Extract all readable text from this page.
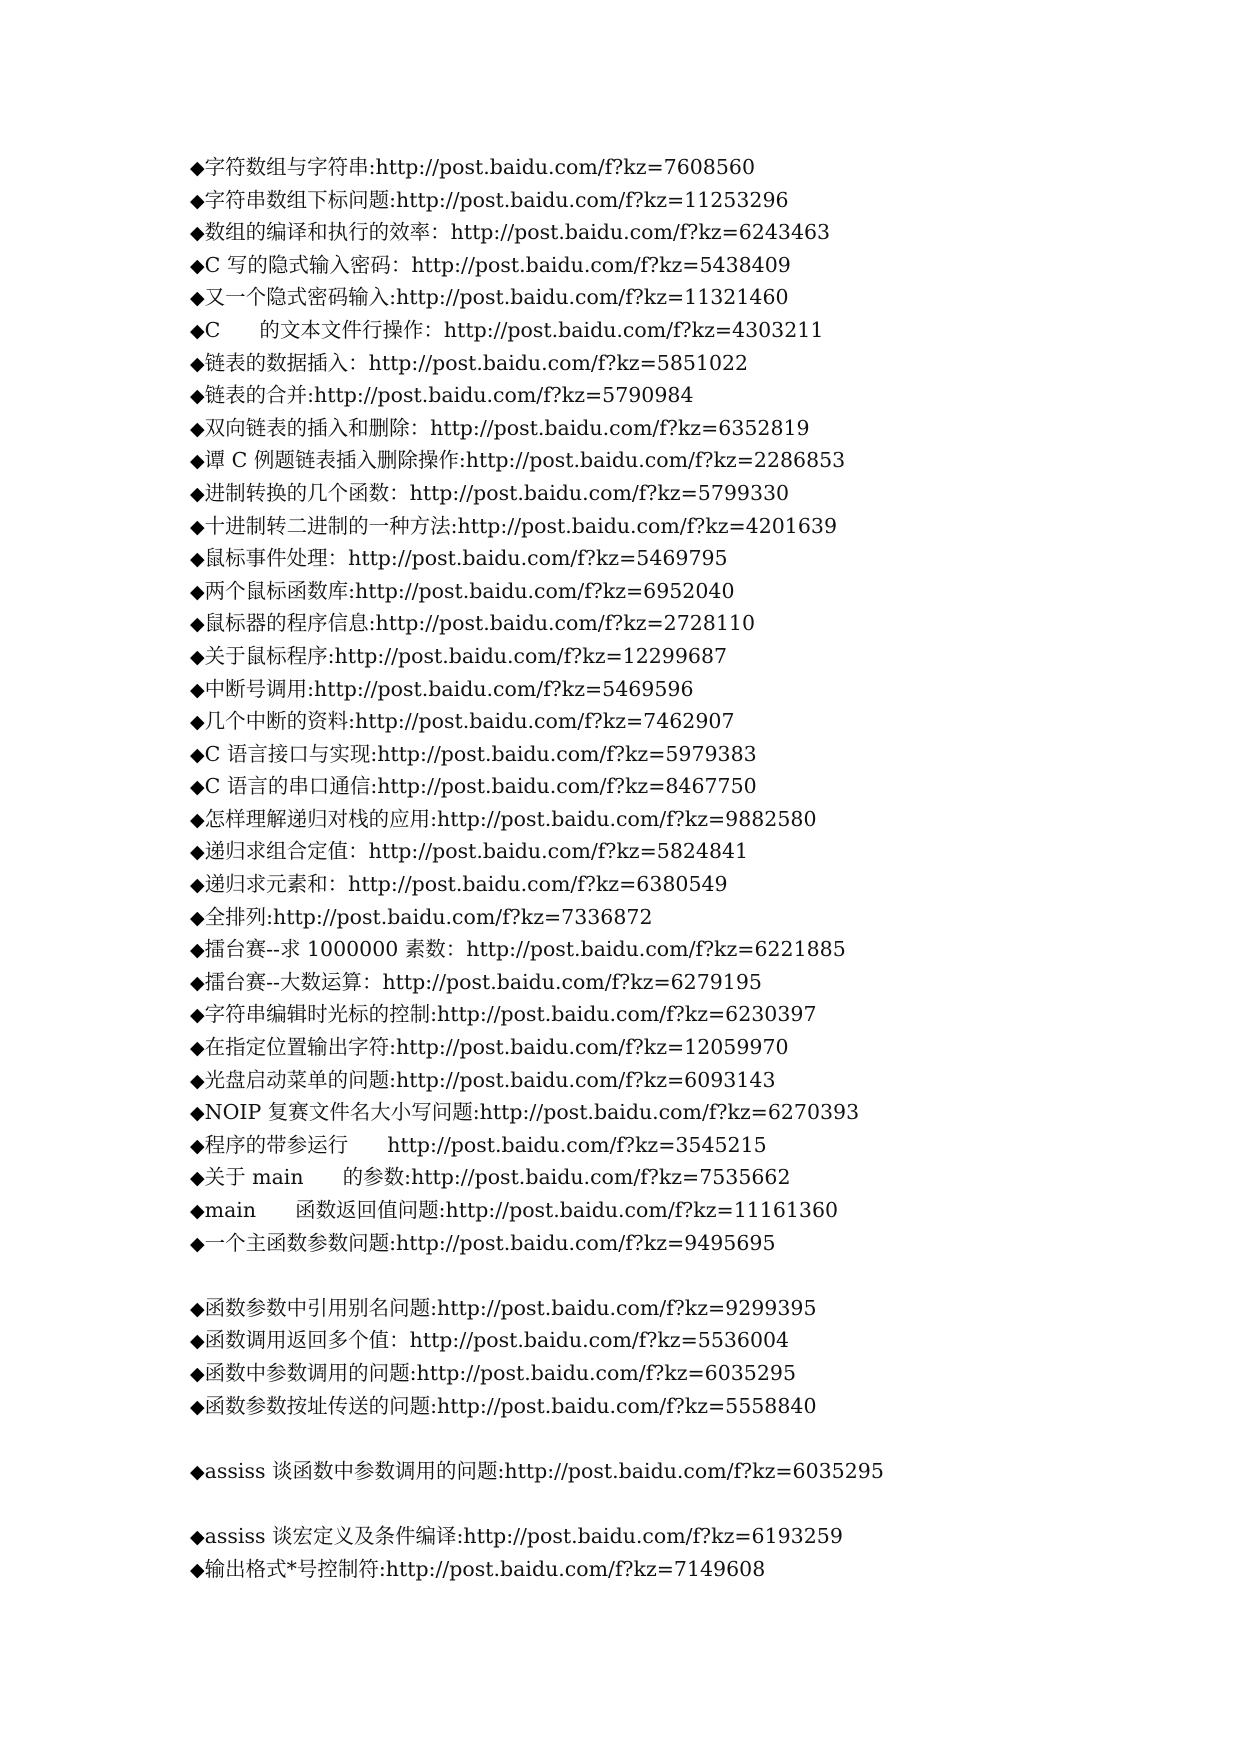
◆字符数组与字符串:http://post.baidu.com/f?kz=7608560
◆字符串数组下标问题:http://post.baidu.com/f?kz=11253296
◆数组的编译和执行的效率：http://post.baidu.com/f?kz=6243463
◆C 写的隐式输入密码：http://post.baidu.com/f?kz=5438409
◆又一个隐式密码输入:http://post.baidu.com/f?kz=11321460
◆C      的文本文件行操作：http://post.baidu.com/f?kz=4303211
◆链表的数据插入：http://post.baidu.com/f?kz=5851022
◆链表的合并:http://post.baidu.com/f?kz=5790984
◆双向链表的插入和删除：http://post.baidu.com/f?kz=6352819
◆谭 C 例题链表插入删除操作:http://post.baidu.com/f?kz=2286853
◆进制转换的几个函数：http://post.baidu.com/f?kz=5799330
◆十进制转二进制的一种方法:http://post.baidu.com/f?kz=4201639
◆鼠标事件处理：http://post.baidu.com/f?kz=5469795
◆两个鼠标函数库:http://post.baidu.com/f?kz=6952040
◆鼠标器的程序信息:http://post.baidu.com/f?kz=2728110
◆关于鼠标程序:http://post.baidu.com/f?kz=12299687
◆中断号调用:http://post.baidu.com/f?kz=5469596
◆几个中断的资料:http://post.baidu.com/f?kz=7462907
◆C 语言接口与实现:http://post.baidu.com/f?kz=5979383
◆C 语言的串口通信:http://post.baidu.com/f?kz=8467750
◆怎样理解递归对栈的应用:http://post.baidu.com/f?kz=9882580
◆递归求组合定值：http://post.baidu.com/f?kz=5824841
◆递归求元素和：http://post.baidu.com/f?kz=6380549
◆全排列:http://post.baidu.com/f?kz=7336872
◆擂台赛--求 1000000 素数：http://post.baidu.com/f?kz=6221885
◆擂台赛--大数运算：http://post.baidu.com/f?kz=6279195
◆字符串编辑时光标的控制:http://post.baidu.com/f?kz=6230397
◆在指定位置输出字符:http://post.baidu.com/f?kz=12059970
◆光盘启动菜单的问题:http://post.baidu.com/f?kz=6093143
◆NOIP 复赛文件名大小写问题:http://post.baidu.com/f?kz=6270393
◆程序的带参运行      http://post.baidu.com/f?kz=3545215
◆关于 main      的参数:http://post.baidu.com/f?kz=7535662
◆main      函数返回值问题:http://post.baidu.com/f?kz=11161360
◆一个主函数参数问题:http://post.baidu.com/f?kz=9495695
◆函数参数中引用别名问题:http://post.baidu.com/f?kz=9299395
◆函数调用返回多个值：http://post.baidu.com/f?kz=5536004
◆函数中参数调用的问题:http://post.baidu.com/f?kz=6035295
◆函数参数按址传送的问题:http://post.baidu.com/f?kz=5558840
◆assiss 谈函数中参数调用的问题:http://post.baidu.com/f?kz=6035295
◆assiss 谈宏定义及条件编译:http://post.baidu.com/f?kz=6193259
◆输出格式*号控制符:http://post.baidu.com/f?kz=7149608
